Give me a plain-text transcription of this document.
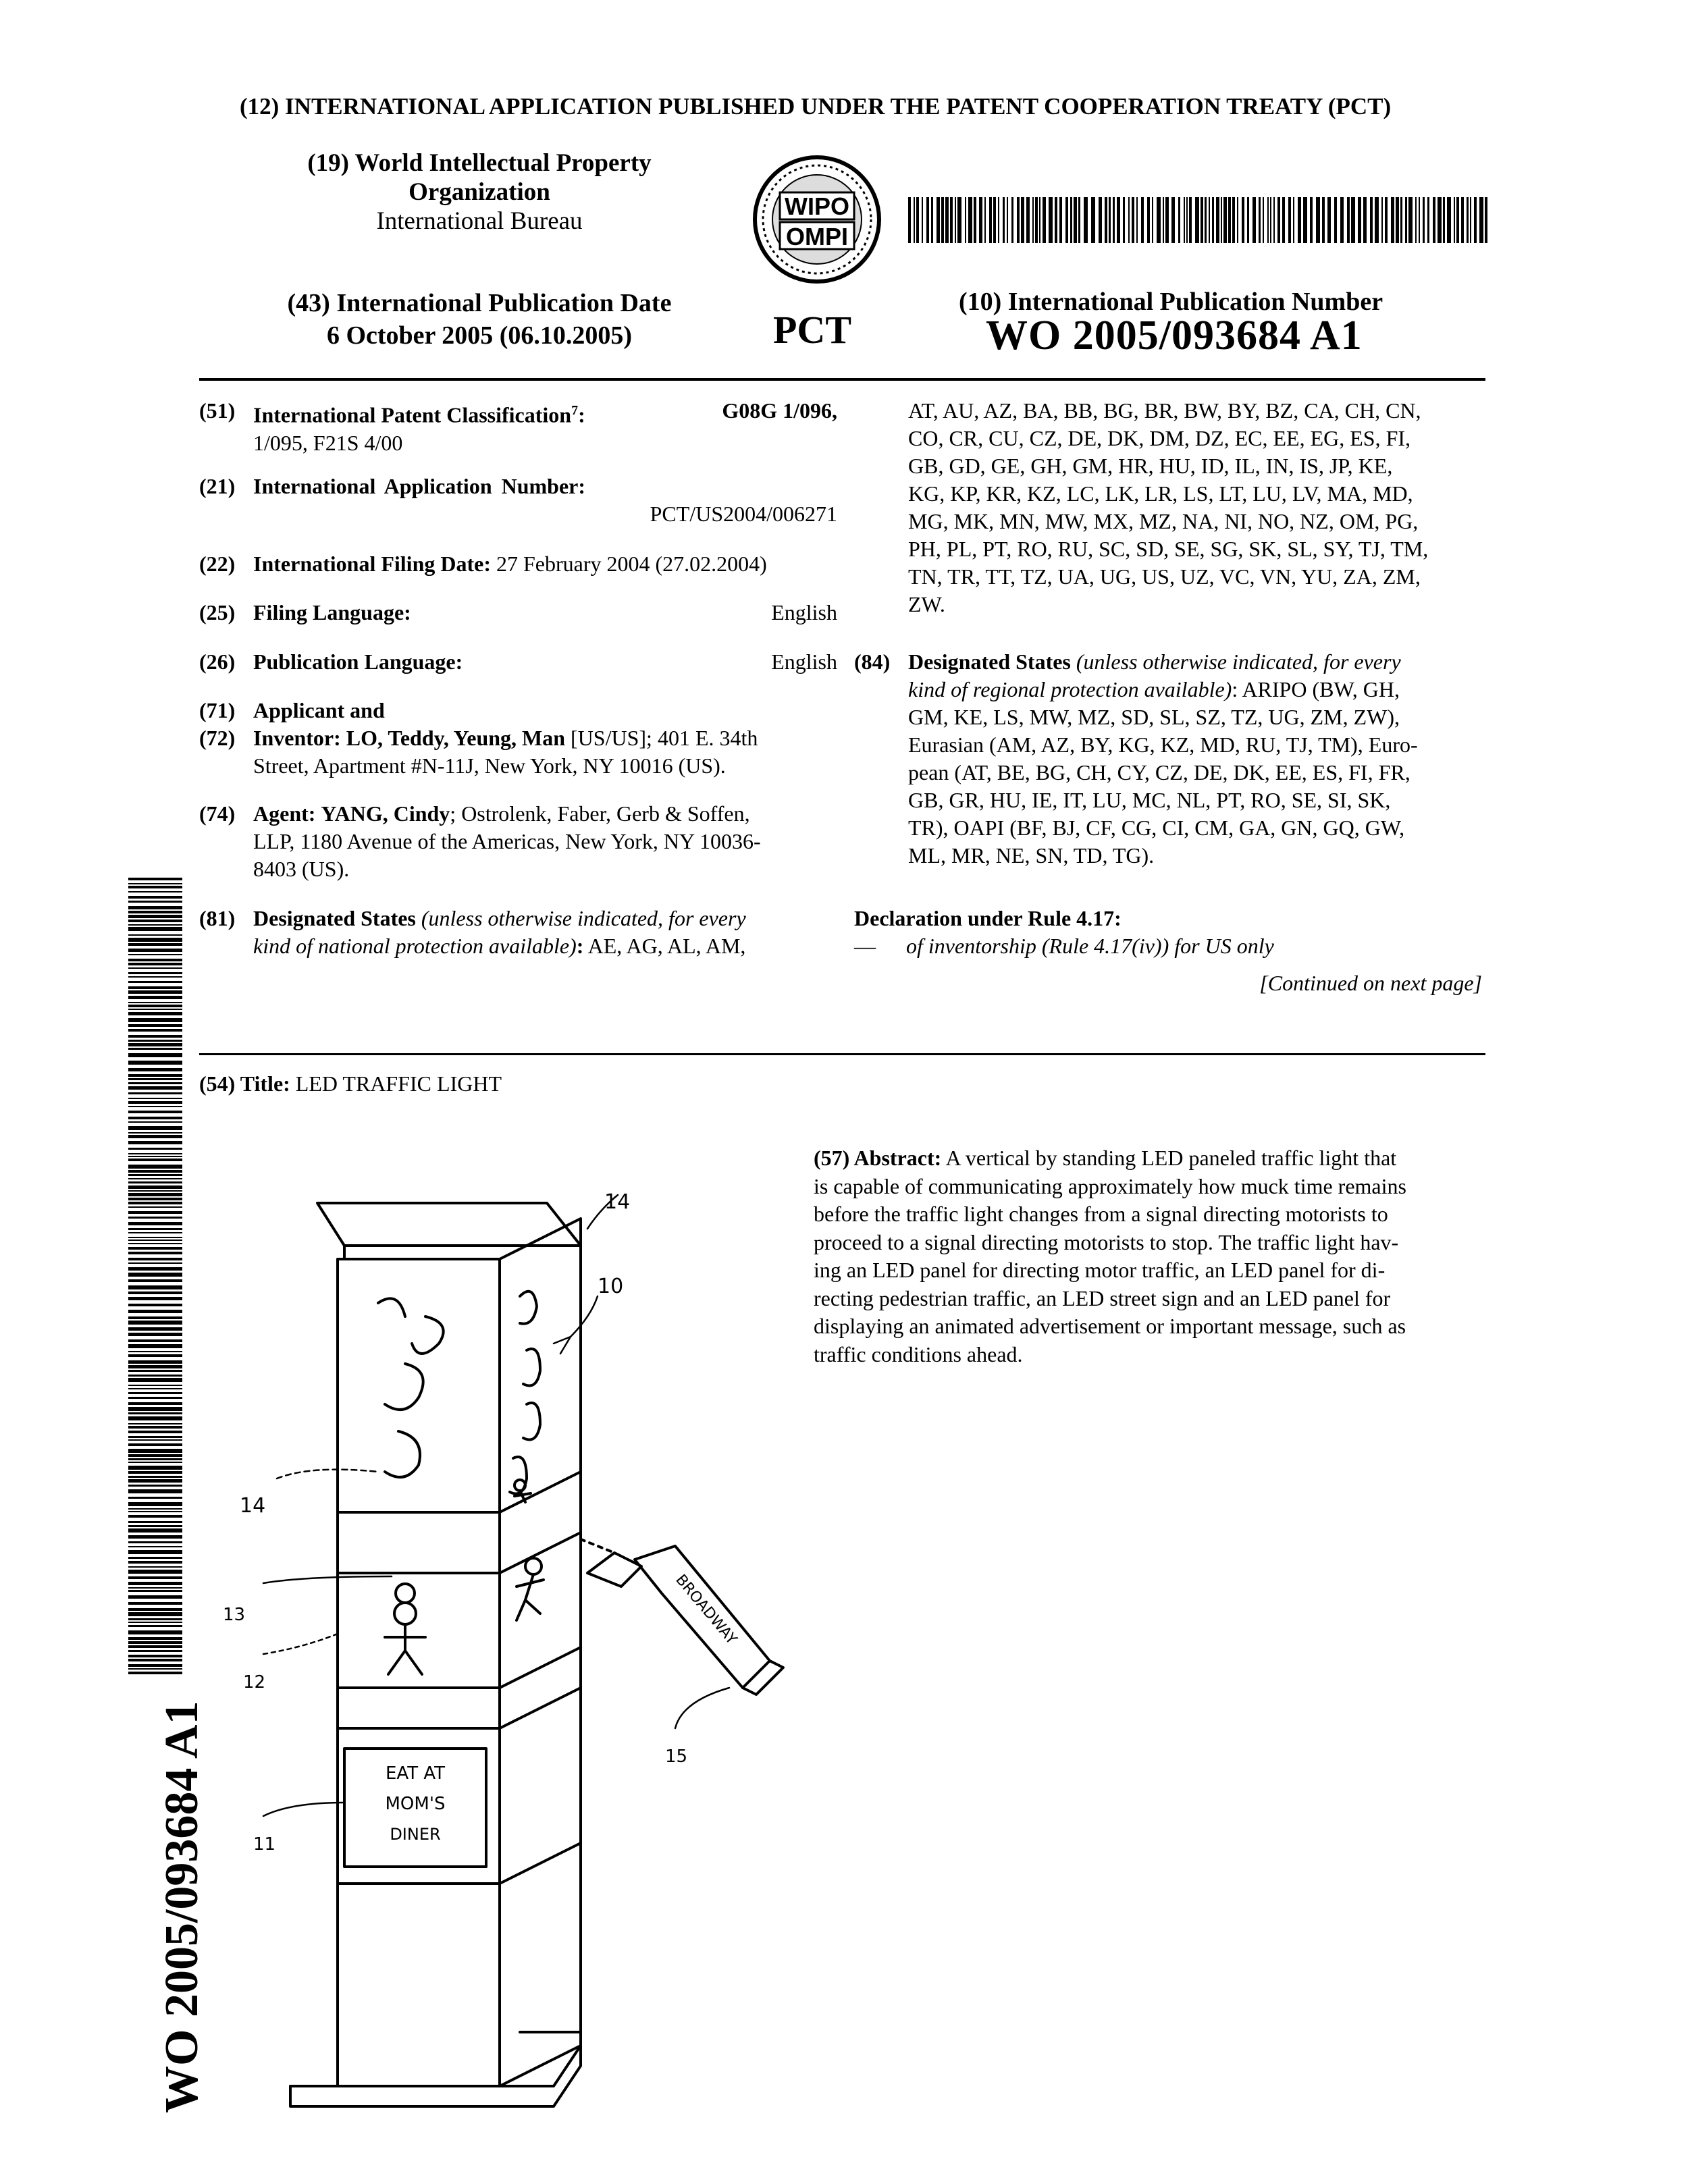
(12) INTERNATIONAL APPLICATION PUBLISHED UNDER THE PATENT COOPERATION TREATY (PCT)
(19) World Intellectual Property
Organization
International Bureau
WIPO
OMPI
(43) International Publication Date
6 October 2005 (06.10.2005)	PCT
(10) International Publication Number
WO 2005/093684 A1
(51) International Patent Classification$^7$:	G08G 1/096,
1/095, F21S 4/00
(21) International Application Number:
PCT/US2004/006271
(22) International Filing Date: 27 February 2004 (27.02.2004)
(25) Filing Language:	English
(26) Publication Language:	English
(71) Applicant and
(72) Inventor: LO, Teddy, Yeung, Man [US/US]; 401 E. 34th
Street, Apartment #N-11J, New York, NY 10016 (US).
(74) Agent: YANG, Cindy; Ostrolenk, Faber, Gerb & Soffen,
LLP, 1180 Avenue of the Americas, New York, NY 10036-
8403 (US).
(81) Designated States (unless otherwise indicated, for every
kind of national protection available): AE, AG, AL, AM,
AT, AU, AZ, BA, BB, BG, BR, BW, BY, BZ, CA, CH, CN,
CO, CR, CU, CZ, DE, DK, DM, DZ, EC, EE, EG, ES, FI,
GB, GD, GE, GH, GM, HR, HU, ID, IL, IN, IS, JP, KE,
KG, KP, KR, KZ, LC, LK, LR, LS, LT, LU, LV, MA, MD,
MG, MK, MN, MW, MX, MZ, NA, NI, NO, NZ, OM, PG,
PH, PL, PT, RO, RU, SC, SD, SE, SG, SK, SL, SY, TJ, TM,
TN, TR, TT, TZ, UA, UG, US, UZ, VC, VN, YU, ZA, ZM,
ZW.
(84) Designated States (unless otherwise indicated, for every
kind of regional protection available): ARIPO (BW, GH,
GM, KE, LS, MW, MZ, SD, SL, SZ, TZ, UG, ZM, ZW),
Eurasian (AM, AZ, BY, KG, KZ, MD, RU, TJ, TM), Euro-
pean (AT, BE, BG, CH, CY, CZ, DE, DK, EE, ES, FI, FR,
GB, GR, HU, IE, IT, LU, MC, NL, PT, RO, SE, SI, SK,
TR), OAPI (BF, BJ, CF, CG, CI, CM, GA, GN, GQ, GW,
ML, MR, NE, SN, TD, TG).
Declaration under Rule 4.17:
— of inventorship (Rule 4.17(iv)) for US only
[Continued on next page]
(54) Title: LED TRAFFIC LIGHT
(57) Abstract: A vertical by standing LED paneled traffic light that
is capable of communicating approximately how muck time remains
before the traffic light changes from a signal directing motorists to
proceed to a signal directing motorists to stop. The traffic light hav-
ing an LED panel for directing motor traffic, an LED panel for di-
recting pedestrian traffic, an LED street sign and an LED panel for
displaying an animated advertisement or important message, such as
traffic conditions ahead.
WO 2005/093684 A1	EAT AT
MOM'S
DINER
BROADWAY
14
10
14
13
12
11
15
